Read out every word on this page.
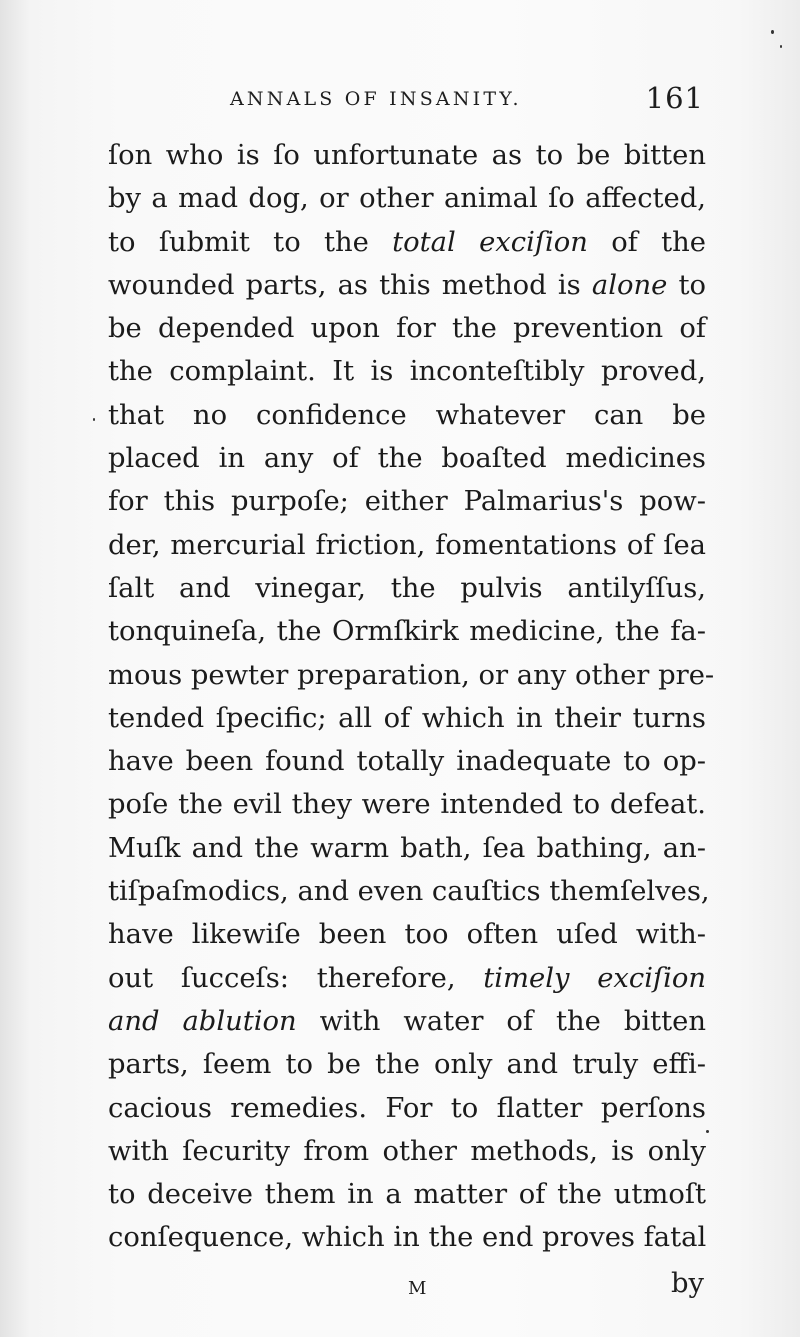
ANNALS OF INSANITY.	161
ſon who is ſo unfortunate as to be bitten
by a mad dog, or other animal ſo affected,
to ſubmit to the total exciſion of the
wounded parts, as this method is alone to
be depended upon for the prevention of
the complaint. It is inconteſtibly proved,
that no confidence whatever can be
placed in any of the boaſted medicines
for this purpoſe; either Palmarius's pow-
der, mercurial friction, fomentations of ſea
ſalt and vinegar, the pulvis antilyſſus,
tonquineſa, the Ormſkirk medicine, the fa-
mous pewter preparation, or any other pre-
tended ſpecific; all of which in their turns
have been found totally inadequate to op-
poſe the evil they were intended to defeat.
Muſk and the warm bath, ſea bathing, an-
tiſpaſmodics, and even cauſtics themſelves,
have likewiſe been too often uſed with-
out ſucceſs: therefore, timely exciſion
and ablution with water of the bitten
parts, ſeem to be the only and truly effi-
cacious remedies. For to flatter perſons
with ſecurity from other methods, is only
to deceive them in a matter of the utmoſt
conſequence, which in the end proves fatal
M	by
